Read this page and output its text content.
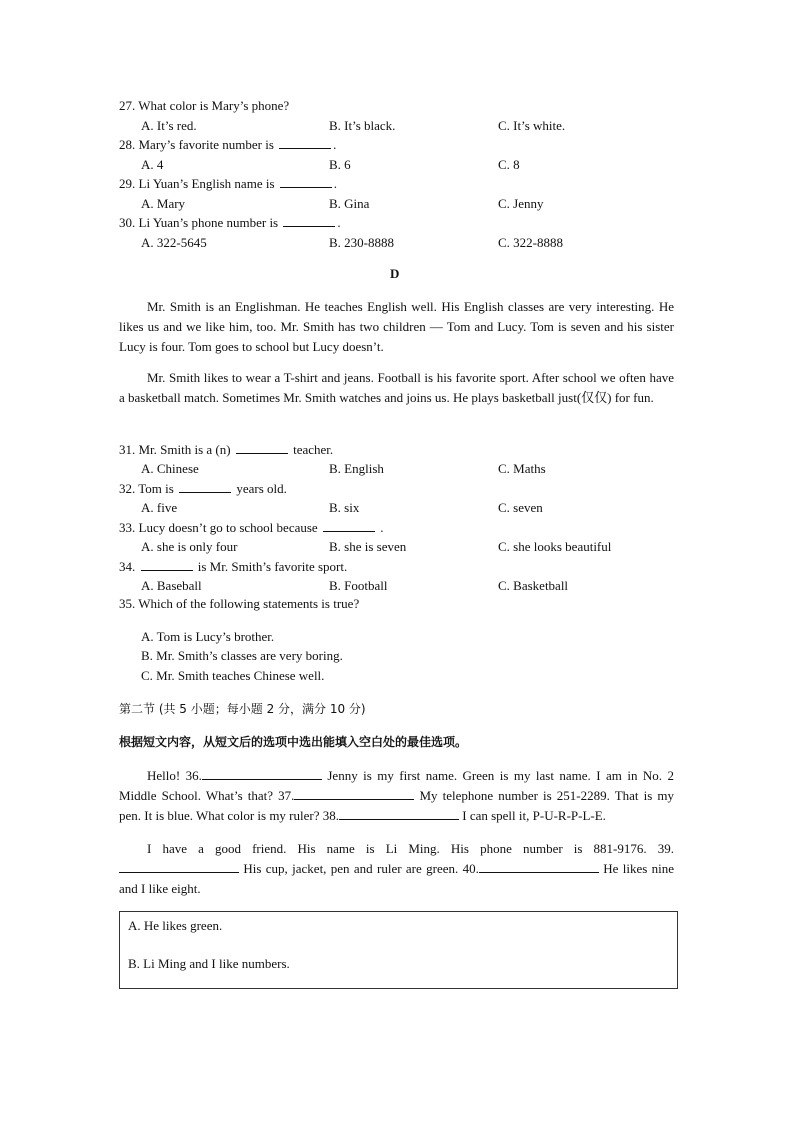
27. What color is Mary’s phone?
A. It’s red.	B. It’s black.	C. It’s white.
28. Mary’s favorite number is	.
A. 4	B. 6	C. 8
29. Li Yuan’s English name is	.
A. Mary	B. Gina	C. Jenny
30. Li Yuan’s phone number is	.
A. 322-5645	B. 230-8888	C. 322-8888
D
Mr. Smith is an Englishman. He teaches English well. His English classes are very interesting. He likes us and we like him, too. Mr. Smith has two children — Tom and Lucy. Tom is seven and his sister Lucy is four. Tom goes to school but Lucy doesn’t.
Mr. Smith likes to wear a T-shirt and jeans. Football is his favorite sport. After school we often have a basketball match. Sometimes Mr. Smith watches and joins us. He plays basketball just(仅仅) for fun.
31. Mr. Smith is a (n)	teacher.
A. Chinese	B. English	C. Maths
32. Tom is	years old.
A. five	B. six	C. seven
33. Lucy doesn’t go to school because	.
A. she is only four	B. she is seven	C. she looks beautiful
34.	is Mr. Smith’s favorite sport.
A. Baseball	B. Football	C. Basketball
35. Which of the following statements is true?
A. Tom is Lucy’s brother.
B. Mr. Smith’s classes are very boring.
C. Mr. Smith teaches Chinese well.
第二节 (共 5 小题；每小题 2 分，满分 10 分)
根据短文内容，从短文后的选项中选出能填入空白处的最佳选项。
Hello! 36.	Jenny is my first name. Green is my last name. I am in No. 2 Middle School. What’s that? 37.	My telephone number is 251-2289. That is my pen. It is blue. What color is my ruler? 38.	I can spell it, P-U-R-P-L-E.
I have a good friend. His name is Li Ming. His phone number is 881-9176. 39. His cup, jacket, pen and ruler are green. 40.	He likes nine and I like eight.
A. He likes green.
B. Li Ming and I like numbers.
